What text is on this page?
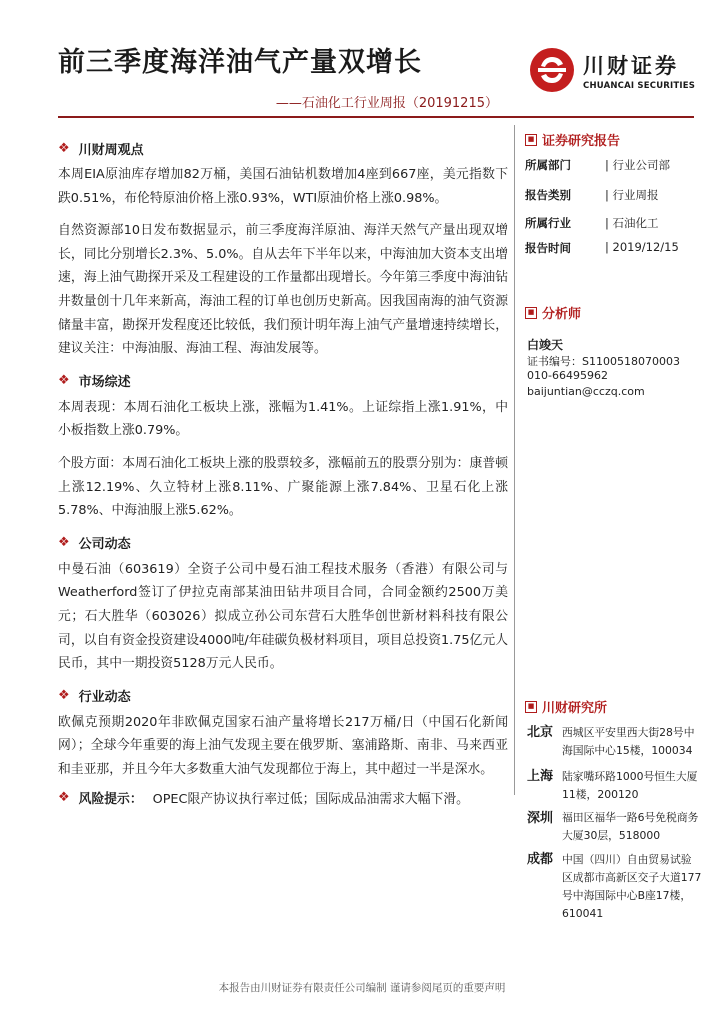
前三季度海洋油气产量双增长
——石油化工行业周报（20191215）
川财证券
CHUANCAI SECURITIES
❖ 川财周观点
本周EIA原油库存增加82万桶，美国石油钻机数增加4座到667座，美元指数下跌0.51%，布伦特原油价格上涨0.93%，WTI原油价格上涨0.98%。
自然资源部10日发布数据显示，前三季度海洋原油、海洋天然气产量出现双增长，同比分别增长2.3%、5.0%。自从去年下半年以来，中海油加大资本支出增速，海上油气勘探开采及工程建设的工作量都出现增长。今年第三季度中海油钻井数量创十几年来新高，海油工程的订单也创历史新高。因我国南海的油气资源储量丰富，勘探开发程度还比较低，我们预计明年海上油气产量增速持续增长，建议关注：中海油服、海油工程、海油发展等。
❖ 市场综述
本周表现：本周石油化工板块上涨，涨幅为1.41%。上证综指上涨1.91%，中小板指数上涨0.79%。
个股方面：本周石油化工板块上涨的股票较多，涨幅前五的股票分别为：康普顿上涨12.19%、久立特材上涨8.11%、广聚能源上涨7.84%、卫星石化上涨5.78%、中海油服上涨5.62%。
❖ 公司动态
中曼石油（603619）全资子公司中曼石油工程技术服务（香港）有限公司与Weatherford签订了伊拉克南部某油田钻井项目合同，合同金额约2500万美元；石大胜华（603026）拟成立孙公司东营石大胜华创世新材料科技有限公司，以自有资金投资建设4000吨/年硅碳负极材料项目，项目总投资1.75亿元人民币，其中一期投资5128万元人民币。
❖ 行业动态
欧佩克预期2020年非欧佩克国家石油产量将增长217万桶/日（中国石化新闻网）；全球今年重要的海上油气发现主要在俄罗斯、塞浦路斯、南非、马来西亚和圭亚那，并且今年大多数重大油气发现都位于海上，其中超过一半是深水。
❖ 风险提示： OPEC限产协议执行率过低；国际成品油需求大幅下滑。
■ 证券研究报告
所属部门	| 行业公司部
报告类别	| 行业周报
所属行业	| 石油化工
报告时间	| 2019/12/15
■ 分析师
白竣天
证书编号：S1100518070003
010-66495962
baijuntian@cczq.com
■ 川财研究所
北京 西城区平安里西大街28号中海国际中心15楼，100034
上海 陆家嘴环路1000号恒生大厦11楼，200120
深圳 福田区福华一路6号免税商务大厦30层，518000
成都 中国（四川）自由贸易试验区成都市高新区交子大道177号中海国际中心B座17楼，610041
本报告由川财证券有限责任公司编制 谨请参阅尾页的重要声明
